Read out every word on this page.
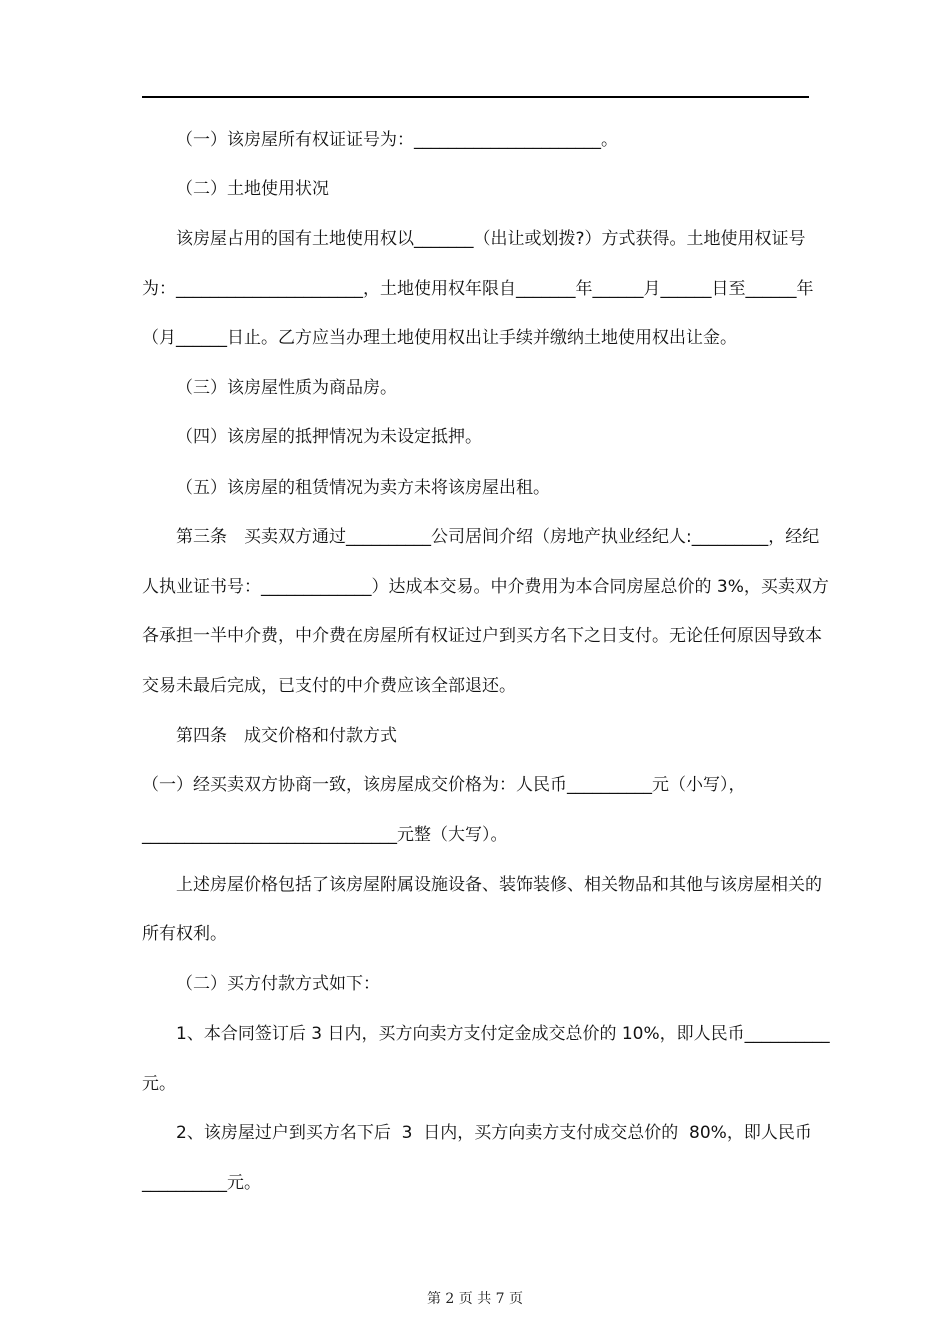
（一）该房屋所有权证证号为：______________________。
（二）土地使用状况
该房屋占用的国有土地使用权以_______（出让或划拨?）方式获得。土地使用权证号
为：______________________，土地使用权年限自_______年______月______日至______年
（月______日止。乙方应当办理土地使用权出让手续并缴纳土地使用权出让金。
（三）该房屋性质为商品房。
（四）该房屋的抵押情况为未设定抵押。
（五）该房屋的租赁情况为卖方未将该房屋出租。
第三条　买卖双方通过__________公司居间介绍（房地产执业经纪人:_________，经纪
人执业证书号：_____________）达成本交易。中介费用为本合同房屋总价的 3%，买卖双方
各承担一半中介费，中介费在房屋所有权证过户到买方名下之日支付。无论任何原因导致本
交易未最后完成，已支付的中介费应该全部退还。
第四条　成交价格和付款方式
（一）经买卖双方协商一致，该房屋成交价格为：人民币__________元（小写），
______________________________元整（大写）。
上述房屋价格包括了该房屋附属设施设备、装饰装修、相关物品和其他与该房屋相关的
所有权利。
（二）买方付款方式如下：
1、本合同签订后 3 日内，买方向卖方支付定金成交总价的 10%，即人民币__________
元。
2、该房屋过户到买方名下后  3  日内，买方向卖方支付成交总价的  80%，即人民币
__________元。
第 2 页 共 7 页
